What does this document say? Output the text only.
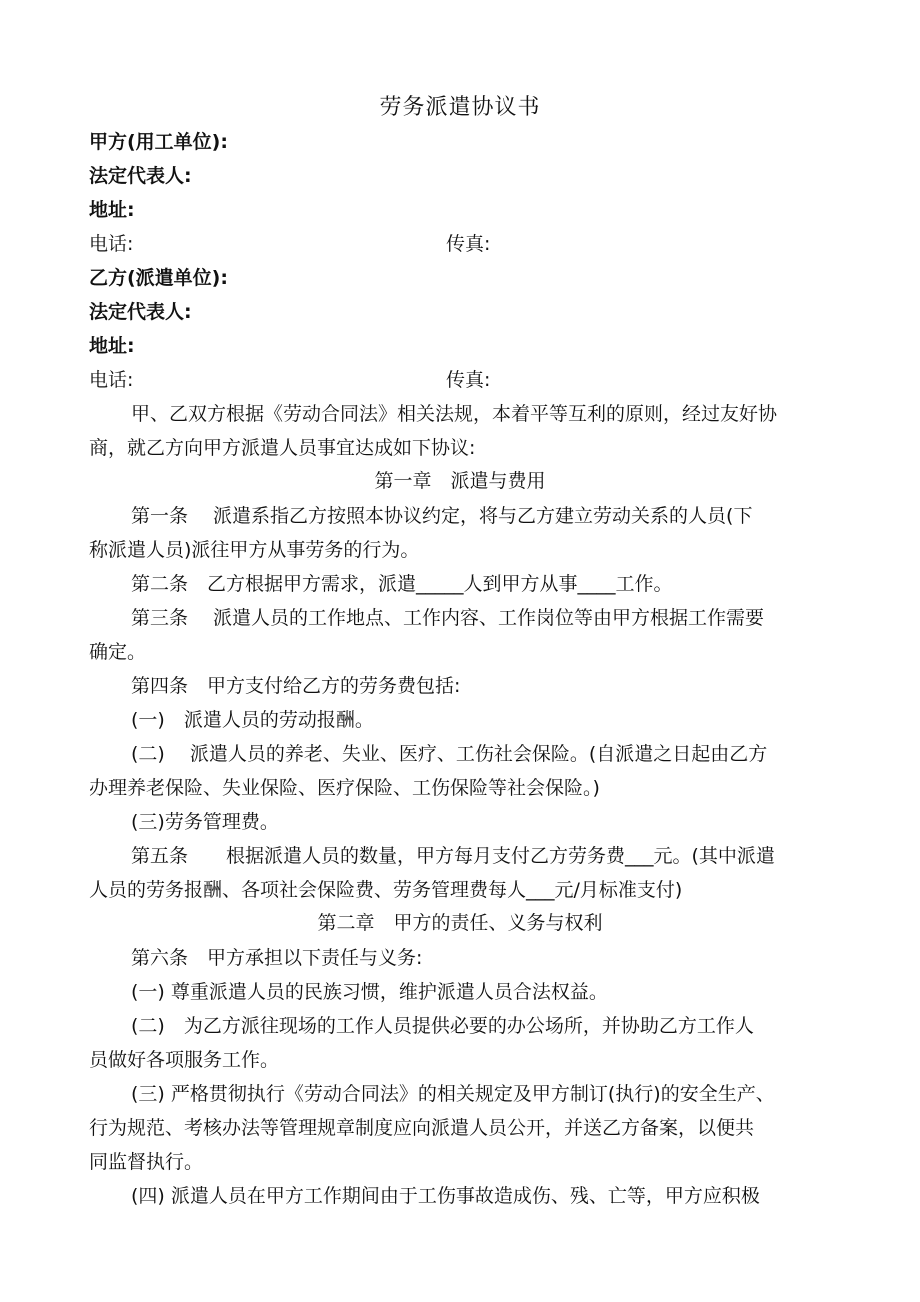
劳务派遣协议书
甲方(用工单位):
法定代表人:
地址:
电话:	传真:
乙方(派遣单位):
法定代表人:
地址:
电话:	传真:
甲、乙双方根据《劳动合同法》相关法规，本着平等互利的原则，经过友好协
商，就乙方向甲方派遣人员事宜达成如下协议:
第一章　派遣与费用
第一条　 派遣系指乙方按照本协议约定，将与乙方建立劳动关系的人员(下
称派遣人员)派往甲方从事劳务的行为。
第二条　乙方根据甲方需求，派遣_____人到甲方从事____工作。
第三条　 派遣人员的工作地点、工作内容、工作岗位等由甲方根据工作需要
确定。
第四条　甲方支付给乙方的劳务费包括:
(一)　派遣人员的劳动报酬。
(二)　 派遣人员的养老、失业、医疗、工伤社会保险。(自派遣之日起由乙方
办理养老保险、失业保险、医疗保险、工伤保险等社会保险。)
(三)劳务管理费。
第五条　　根据派遣人员的数量，甲方每月支付乙方劳务费___元。(其中派遣
人员的劳务报酬、各项社会保险费、劳务管理费每人___元/月标准支付)
第二章　甲方的责任、义务与权利
第六条　甲方承担以下责任与义务:
(一) 尊重派遣人员的民族习惯，维护派遣人员合法权益。
(二)　为乙方派往现场的工作人员提供必要的办公场所，并协助乙方工作人
员做好各项服务工作。
(三) 严格贯彻执行《劳动合同法》的相关规定及甲方制订(执行)的安全生产、
行为规范、考核办法等管理规章制度应向派遣人员公开，并送乙方备案，以便共
同监督执行。
(四) 派遣人员在甲方工作期间由于工伤事故造成伤、残、亡等，甲方应积极
